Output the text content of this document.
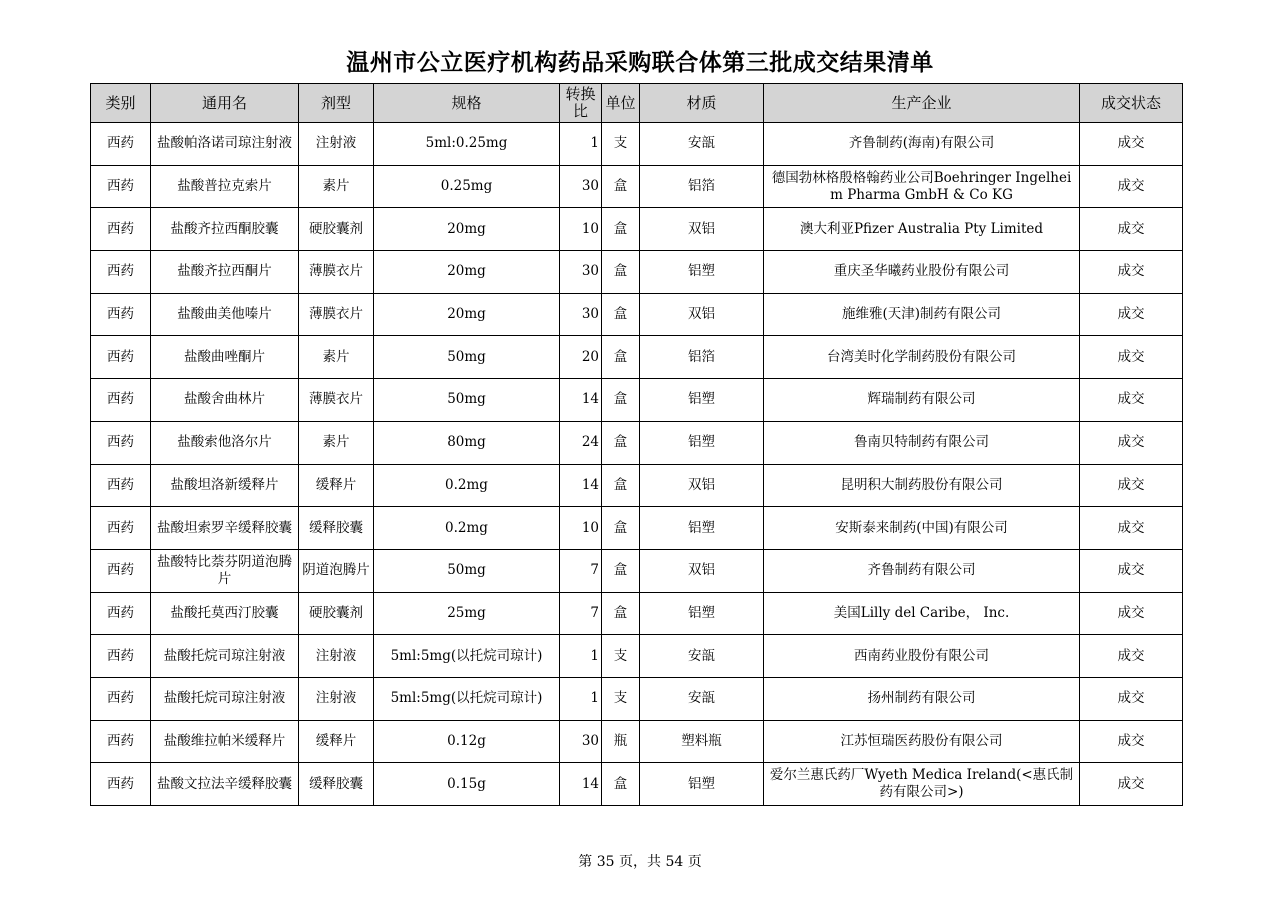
温州市公立医疗机构药品采购联合体第三批成交结果清单
类别	通用名	剂型	规格	转换比	单位	材质	生产企业	成交状态
西药	盐酸帕洛诺司琼注射液	注射液	5ml:0.25mg	1	支	安瓿	齐鲁制药(海南)有限公司	成交
西药	盐酸普拉克索片	素片	0.25mg	30	盒	铝箔	德国勃林格殷格翰药业公司Boehringer Ingelheim Pharma GmbH & Co KG	成交
西药	盐酸齐拉西酮胶囊	硬胶囊剂	20mg	10	盒	双铝	澳大利亚Pfizer Australia Pty Limited	成交
西药	盐酸齐拉西酮片	薄膜衣片	20mg	30	盒	铝塑	重庆圣华曦药业股份有限公司	成交
西药	盐酸曲美他嗪片	薄膜衣片	20mg	30	盒	双铝	施维雅(天津)制药有限公司	成交
西药	盐酸曲唑酮片	素片	50mg	20	盒	铝箔	台湾美时化学制药股份有限公司	成交
西药	盐酸舍曲林片	薄膜衣片	50mg	14	盒	铝塑	辉瑞制药有限公司	成交
西药	盐酸索他洛尔片	素片	80mg	24	盒	铝塑	鲁南贝特制药有限公司	成交
西药	盐酸坦洛新缓释片	缓释片	0.2mg	14	盒	双铝	昆明积大制药股份有限公司	成交
西药	盐酸坦索罗辛缓释胶囊	缓释胶囊	0.2mg	10	盒	铝塑	安斯泰来制药(中国)有限公司	成交
西药	盐酸特比萘芬阴道泡腾片	阴道泡腾片	50mg	7	盒	双铝	齐鲁制药有限公司	成交
西药	盐酸托莫西汀胶囊	硬胶囊剂	25mg	7	盒	铝塑	美国Lilly del Caribe， Inc.	成交
西药	盐酸托烷司琼注射液	注射液	5ml:5mg(以托烷司琼计)	1	支	安瓿	西南药业股份有限公司	成交
西药	盐酸托烷司琼注射液	注射液	5ml:5mg(以托烷司琼计)	1	支	安瓿	扬州制药有限公司	成交
西药	盐酸维拉帕米缓释片	缓释片	0.12g	30	瓶	塑料瓶	江苏恒瑞医药股份有限公司	成交
西药	盐酸文拉法辛缓释胶囊	缓释胶囊	0.15g	14	盒	铝塑	爱尔兰惠氏药厂Wyeth Medica Ireland(<惠氏制药有限公司>)	成交
第 35 页，共 54 页
